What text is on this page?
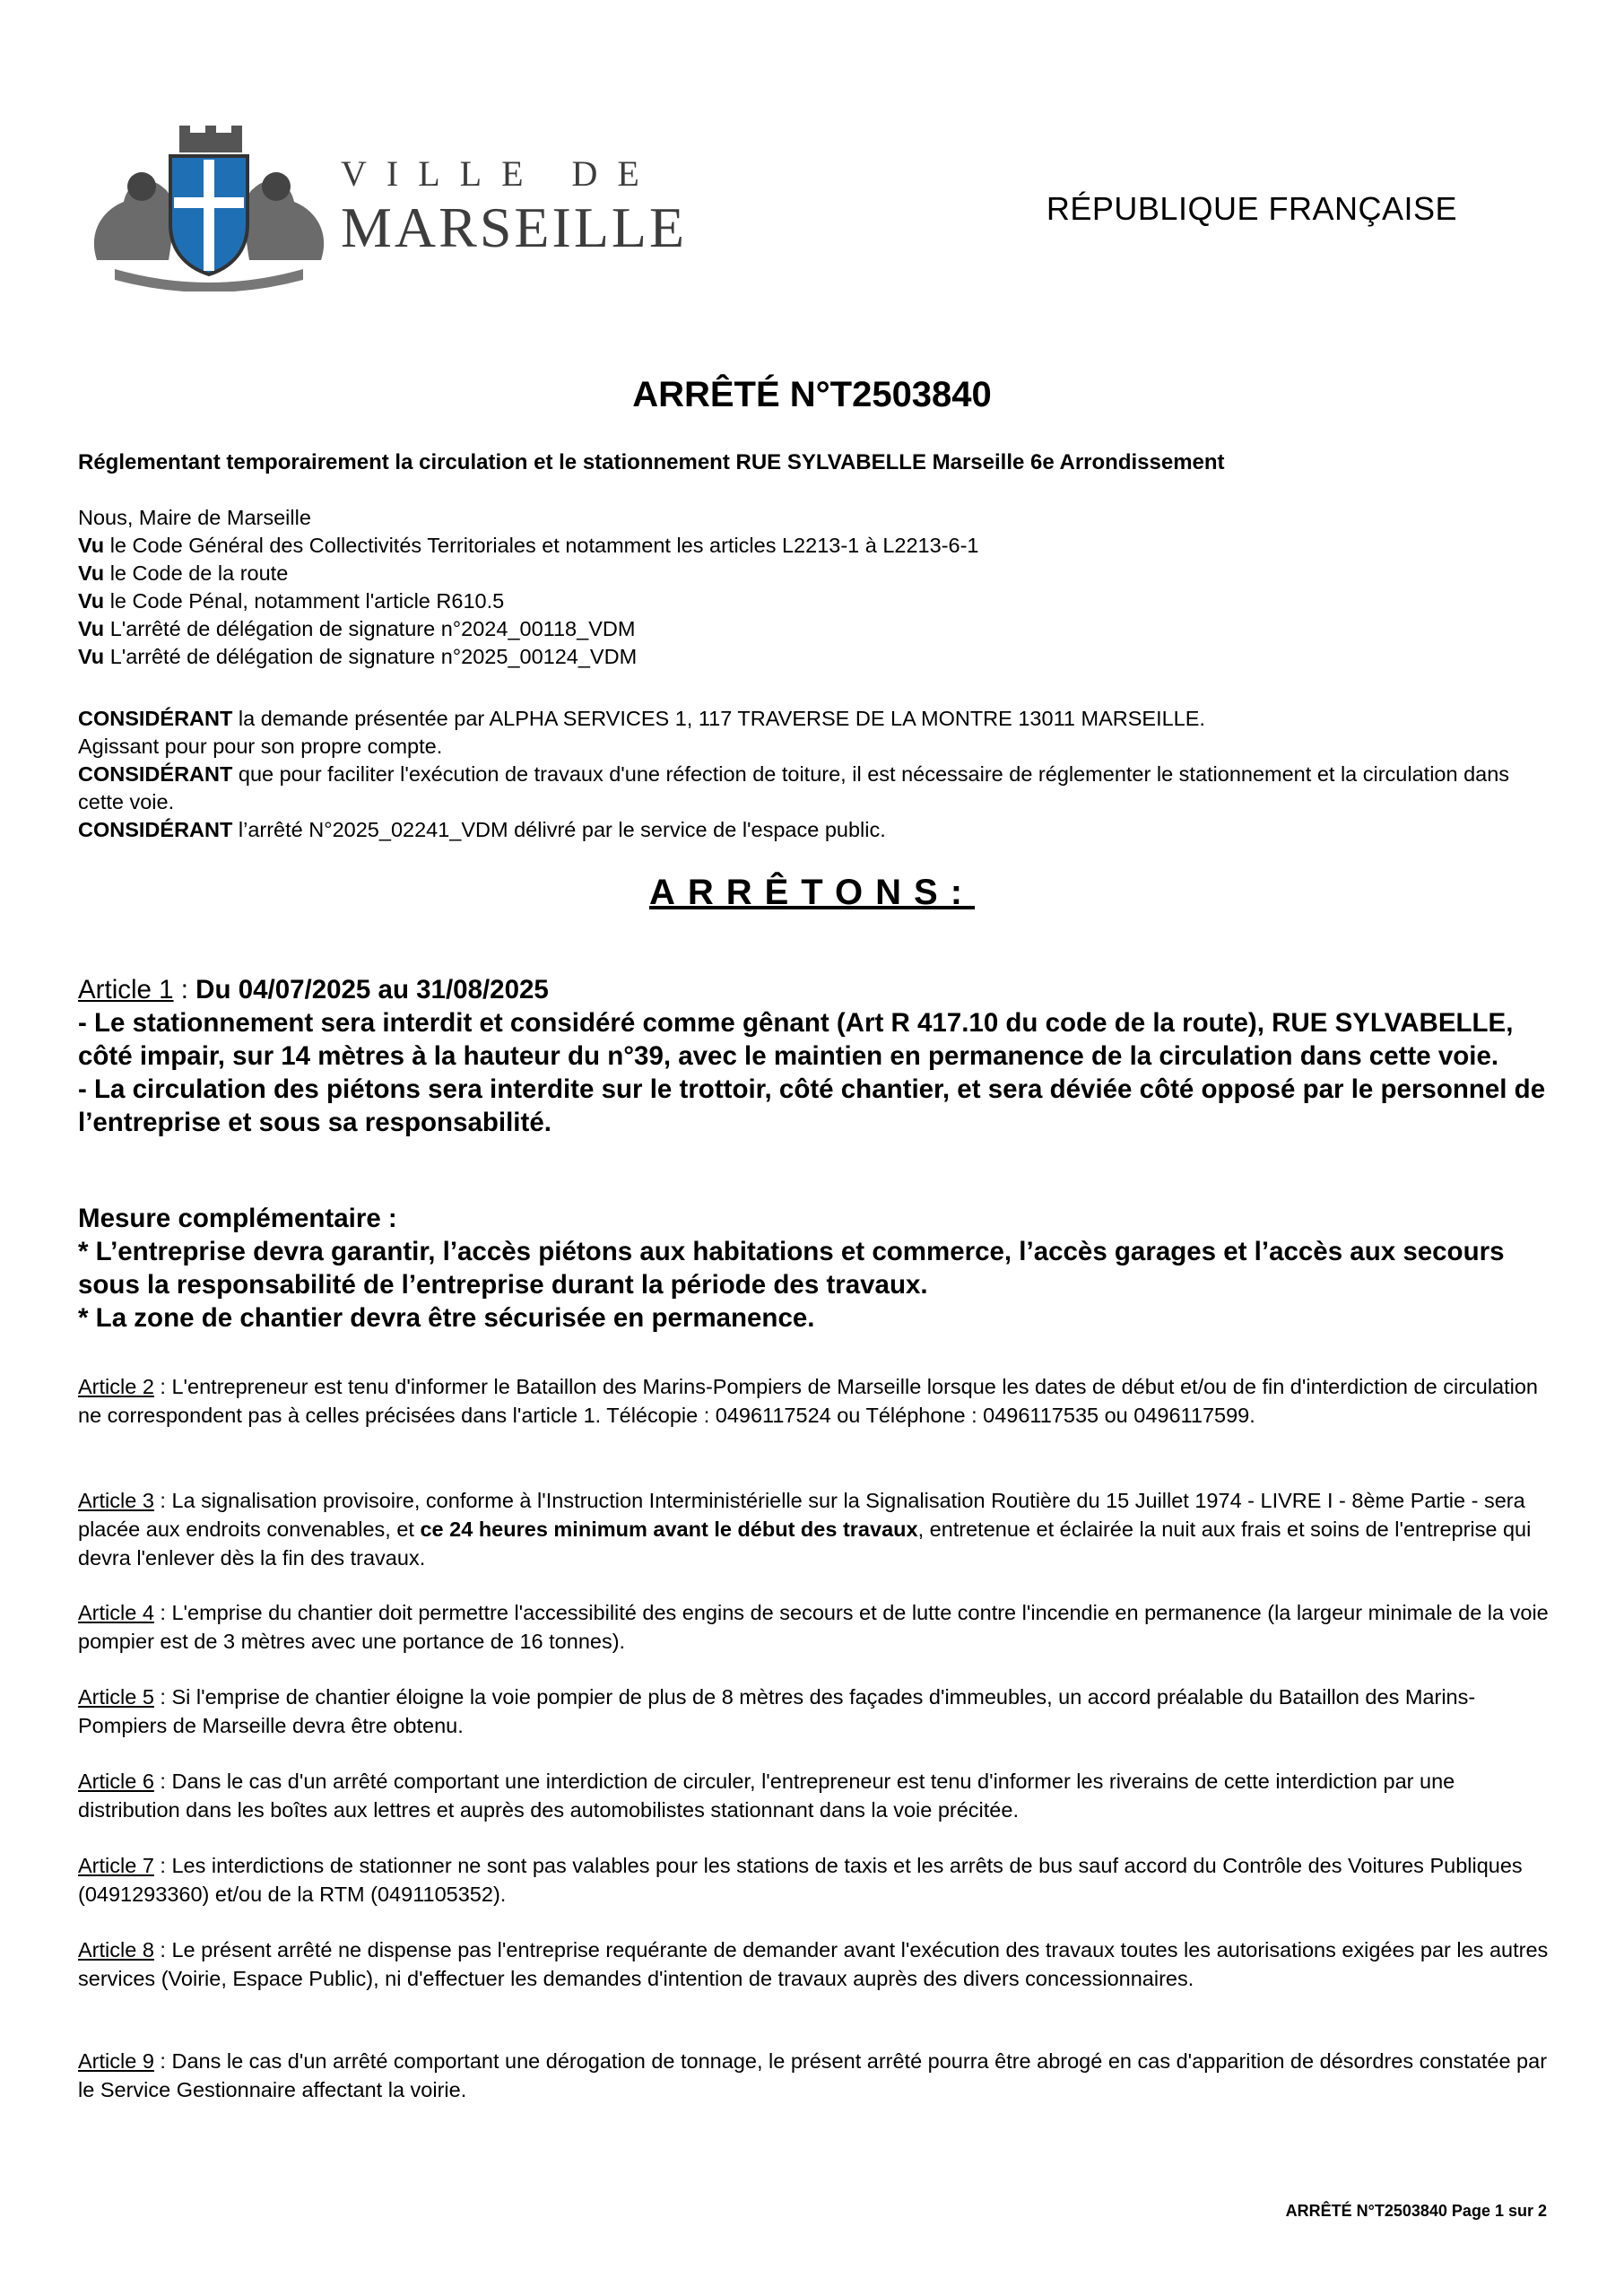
VILLE DE
MARSEILLE	RÉPUBLIQUE FRANÇAISE
ARRÊTÉ N°T2503840
Réglementant temporairement la circulation et le stationnement RUE SYLVABELLE Marseille 6e Arrondissement

Nous, Maire de Marseille

Vu le Code Général des Collectivités Territoriales et notamment les articles L2213-1 à L2213-6-1

Vu le Code de la route

Vu le Code Pénal, notamment l'article R610.5

Vu L'arrêté de délégation de signature n°2024_00118_VDM

Vu L'arrêté de délégation de signature n°2025_00124_VDM

CONSIDÉRANT la demande présentée par ALPHA SERVICES 1, 117 TRAVERSE DE LA MONTRE 13011 MARSEILLE.

Agissant pour pour son propre compte.

CONSIDÉRANT que pour faciliter l'exécution de travaux d'une réfection de toiture, il est nécessaire de réglementer le stationnement et la circulation dans cette voie.

CONSIDÉRANT l’arrêté N°2025_02241_VDM délivré par le service de l'espace public.

ARRÊTONS:

Article 1 : Du 04/07/2025 au 31/08/2025

- Le stationnement sera interdit et considéré comme gênant (Art R 417.10 du code de la route), RUE SYLVABELLE, côté impair, sur 14 mètres à la hauteur du n°39, avec le maintien en permanence de la circulation dans cette voie.

- La circulation des piétons sera interdite sur le trottoir, côté chantier, et sera déviée côté opposé par le personnel de l’entreprise et sous sa responsabilité.

Mesure complémentaire :

* L’entreprise devra garantir, l’accès piétons aux habitations et commerce, l’accès garages et l’accès aux secours sous la responsabilité de l’entreprise durant la période des travaux.

* La zone de chantier devra être sécurisée en permanence.

Article 2 : L'entrepreneur est tenu d'informer le Bataillon des Marins-Pompiers de Marseille lorsque les dates de début et/ou de fin d'interdiction de circulation ne correspondent pas à celles précisées dans l'article 1. Télécopie : 0496117524 ou Téléphone : 0496117535 ou 0496117599.
Article 3 : La signalisation provisoire, conforme à l'Instruction Interministérielle sur la Signalisation Routière du 15 Juillet 1974 - LIVRE I - 8ème Partie - sera placée aux endroits convenables, et ce 24 heures minimum avant le début des travaux, entretenue et éclairée la nuit aux frais et soins de l'entreprise qui devra l'enlever dès la fin des travaux.
Article 4 : L'emprise du chantier doit permettre l'accessibilité des engins de secours et de lutte contre l'incendie en permanence (la largeur minimale de la voie pompier est de 3 mètres avec une portance de 16 tonnes).
Article 5 : Si l'emprise de chantier éloigne la voie pompier de plus de 8 mètres des façades d'immeubles, un accord préalable du Bataillon des Marins-Pompiers de Marseille devra être obtenu.
Article 6 : Dans le cas d'un arrêté comportant une interdiction de circuler, l'entrepreneur est tenu d'informer les riverains de cette interdiction par une distribution dans les boîtes aux lettres et auprès des automobilistes stationnant dans la voie précitée.
Article 7 : Les interdictions de stationner ne sont pas valables pour les stations de taxis et les arrêts de bus sauf accord du Contrôle des Voitures Publiques (0491293360) et/ou de la RTM (0491105352).
Article 8 : Le présent arrêté ne dispense pas l'entreprise requérante de demander avant l'exécution des travaux toutes les autorisations exigées par les autres services (Voirie, Espace Public), ni d'effectuer les demandes d'intention de travaux auprès des divers concessionnaires.
Article 9 : Dans le cas d'un arrêté comportant une dérogation de tonnage, le présent arrêté pourra être abrogé en cas d'apparition de désordres constatée par le Service Gestionnaire affectant la voirie.
ARRÊTÉ N°T2503840 Page 1 sur 2
